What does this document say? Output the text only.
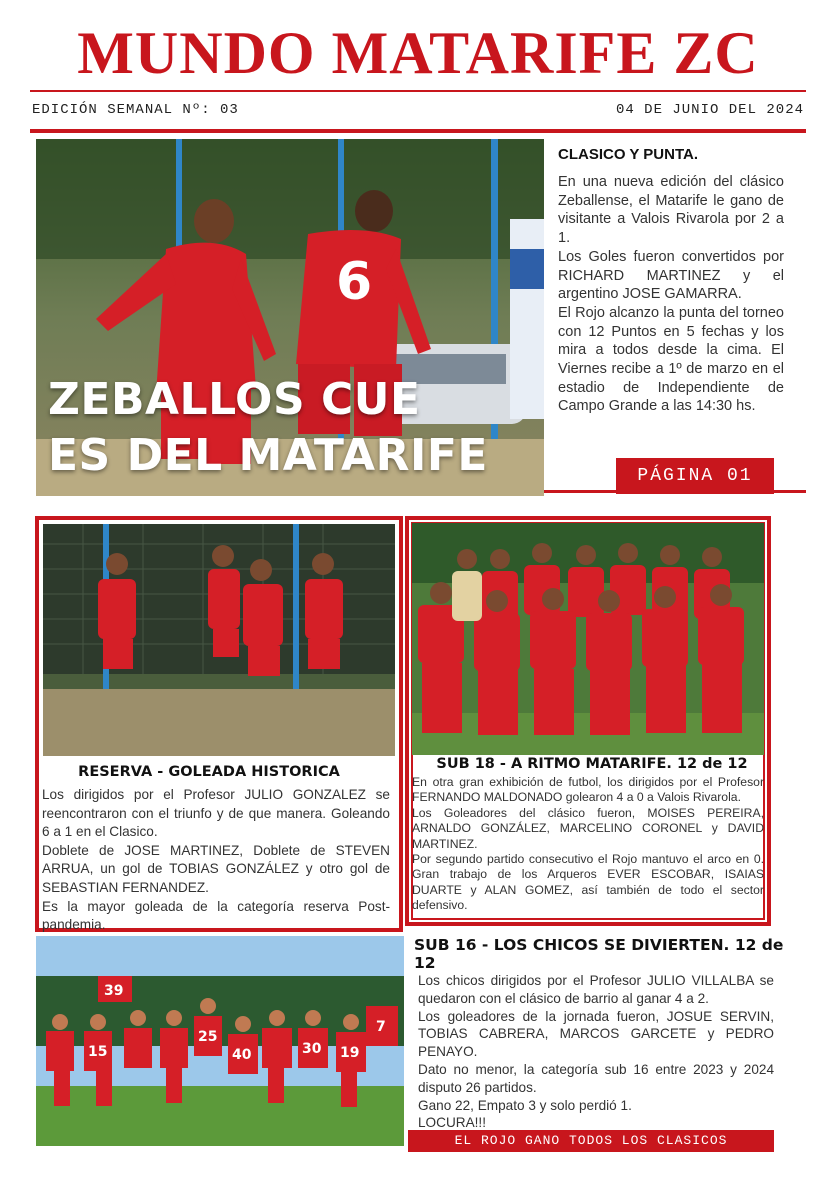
MUNDO MATARIFE ZC
EDICIÓN SEMANAL Nº: 03	04 DE JUNIO DEL 2024
6
ZEBALLOS CUE
ES DEL MATARIFE
CLASICO Y PUNTA.

En una nueva edición del clásico Zeballense, el Matarife le gano de visitante a Valois Rivarola por 2 a 1.

Los Goles fueron convertidos por RICHARD MARTINEZ y el argentino JOSE GAMARRA.

El Rojo alcanzo la punta del torneo con 12 Puntos en 5 fechas y los mira a todos desde la cima. El Viernes recibe a 1º de marzo en el estadio de Independiente de Campo Grande a las 14:30 hs.

PÁGINA 01
RESERVA - GOLEADA HISTORICA

Los dirigidos por el Profesor JULIO GONZALEZ se reencontraron con el triunfo y de que manera. Goleando 6 a 1 en el Clasico.

Doblete de JOSE MARTINEZ, Doblete de STEVEN ARRUA, un gol de TOBIAS GONZÁLEZ y otro gol de SEBASTIAN FERNANDEZ.

Es la mayor goleada de la categoría reserva Post-pandemia.

SUB 18 - A RITMO MATARIFE. 12 de 12

En otra gran exhibición de futbol, los dirigidos por el Profesor FERNANDO MALDONADO golearon 4 a 0 a Valois Rivarola.

Los Goleadores del clásico fueron, MOISES PEREIRA, ARNALDO GONZÁLEZ, MARCELINO CORONEL y DAVID MARTINEZ.

Por segundo partido consecutivo el Rojo mantuvo el arco en 0. Gran trabajo de los Arqueros EVER ESCOBAR, ISAIAS DUARTE y ALAN GOMEZ, así también de todo el sector defensivo.

39
15
25
40	30 19
7
SUB 16 - LOS CHICOS SE DIVIERTEN. 12 de 12

Los chicos dirigidos por el Profesor JULIO VILLALBA se quedaron con el clásico de barrio al ganar 4 a 2.

Los goleadores de la jornada fueron, JOSUE SERVIN, TOBIAS CABRERA, MARCOS GARCETE y PEDRO PENAYO.

Dato no menor, la categoría sub 16 entre 2023 y 2024 disputo 26 partidos.

Gano 22, Empato 3 y solo perdió 1.

LOCURA!!!

EL ROJO GANO TODOS LOS CLASICOS
